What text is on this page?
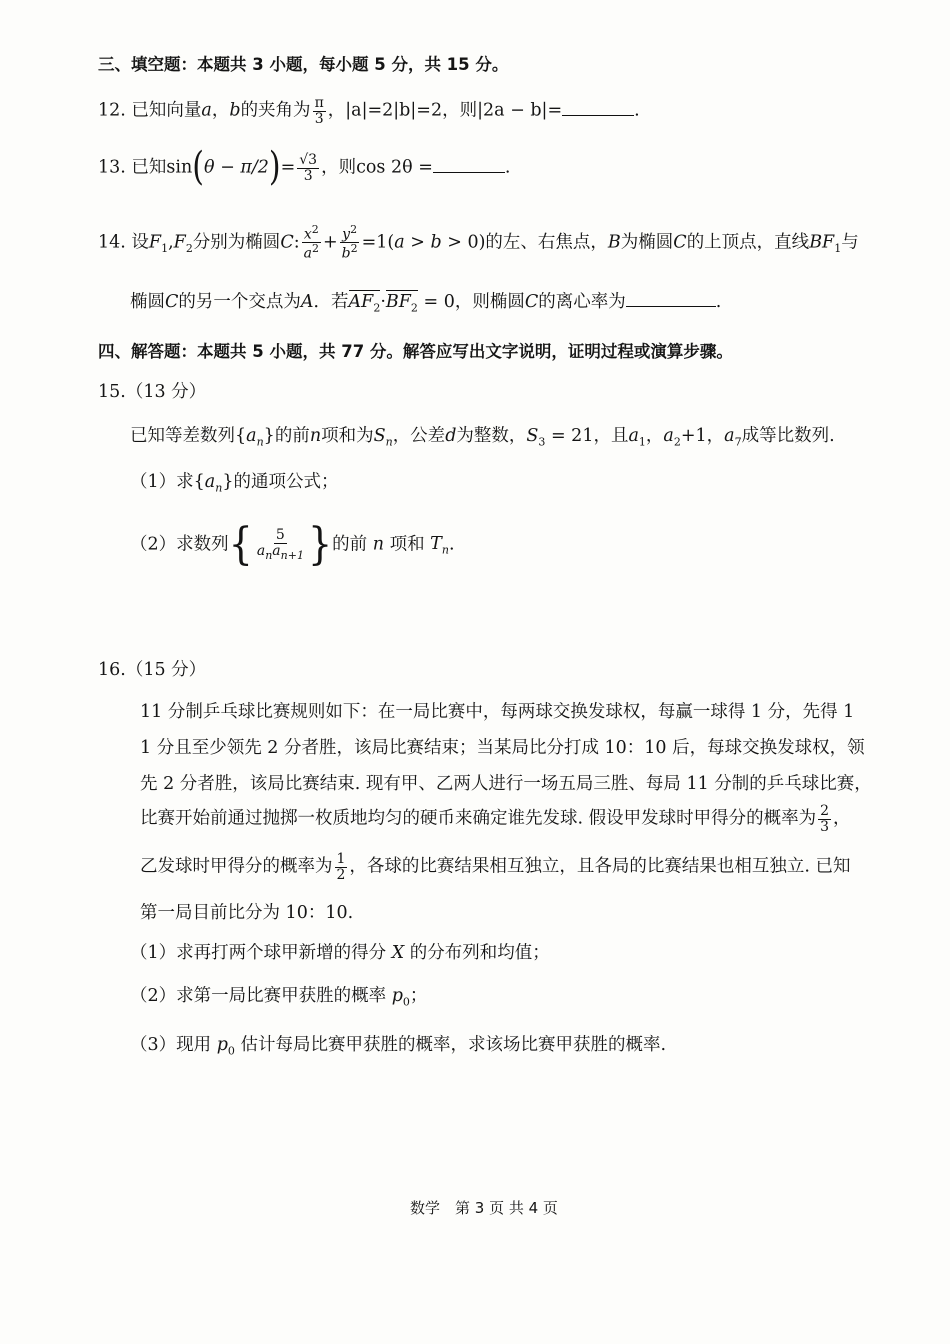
三、填空题：本题共 3 小题，每小题 5 分，共 15 分。
12. 已知向量a，b的夹角为 $\frac{\pi}{3}$ ，|a|=2|b|=2，则|2a − b|=	.
13. 已知$\sin(\theta - \pi/2)= \frac{√3}{3}$ ，则cos 2θ =	.
14. 设$F_1,F_2$分别为椭圆C: $\frac{x^2}{a^2} + \frac{y^2}{b^2} =1(a > b > 0)$的左、右焦点，B为椭圆C的上顶点，直线$BF_1$与
椭圆C的另一个交点为A．若$AF_2\cdot BF_2 = 0$，则椭圆C的离心率为	.
四、解答题：本题共 5 小题，共 77 分。解答应写出文字说明，证明过程或演算步骤。
15.（13 分）
已知等差数列$\{a_n\}$的前n项和为$S_n$，公差d为整数，$S_3 = 21$，且$a_1$，$a_2+1$，$a_7$成等比数列.
（1）求$\{a_n\}$的通项公式；
（2）求数列{ $\frac{5}{a_na_{n+1}}$ }的前 n 项和 $T_n$.
16.（15 分）
11 分制乒乓球比赛规则如下：在一局比赛中，每两球交换发球权，每赢一球得 1 分，先得 1
1 分且至少领先 2 分者胜，该局比赛结束；当某局比分打成 10：10 后，每球交换发球权，领
先 2 分者胜，该局比赛结束. 现有甲、乙两人进行一场五局三胜、每局 11 分制的乒乓球比赛，
比赛开始前通过抛掷一枚质地均匀的硬币来确定谁先发球. 假设甲发球时甲得分的概率为 $\frac{2}{3}$ ，
乙发球时甲得分的概率为 $\frac{1}{2}$ ，各球的比赛结果相互独立，且各局的比赛结果也相互独立. 已知
第一局目前比分为 10：10.
（1）求再打两个球甲新增的得分 X 的分布列和均值；
（2）求第一局比赛甲获胜的概率 $p_0$；
（3）现用 $p_0$ 估计每局比赛甲获胜的概率，求该场比赛甲获胜的概率.
数学　第 3 页 共 4 页
